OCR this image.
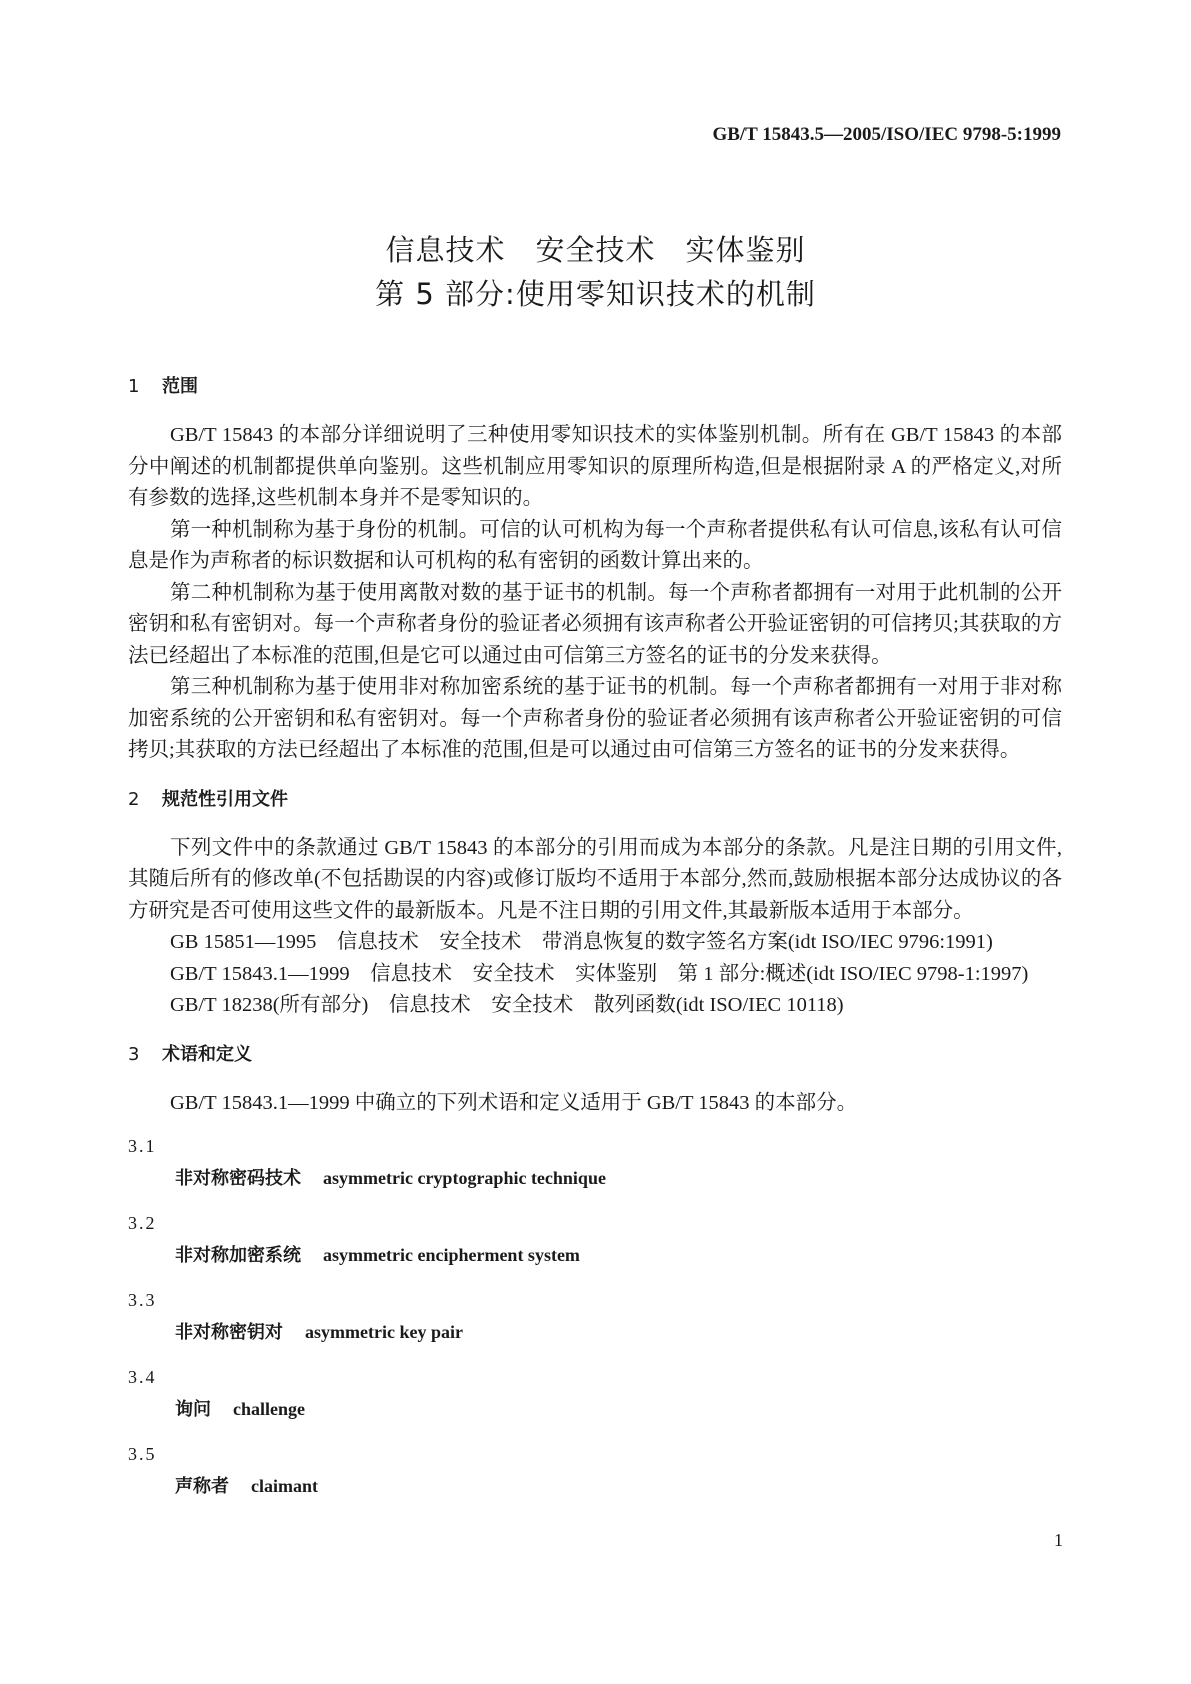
GB/T 15843.5—2005/ISO/IEC 9798-5:1999
信息技术　安全技术　实体鉴别
第 5 部分:使用零知识技术的机制
1 范围

GB/T 15843 的本部分详细说明了三种使用零知识技术的实体鉴别机制。所有在 GB/T 15843 的本部分中阐述的机制都提供单向鉴别。这些机制应用零知识的原理所构造,但是根据附录 A 的严格定义,对所有参数的选择,这些机制本身并不是零知识的。

第一种机制称为基于身份的机制。可信的认可机构为每一个声称者提供私有认可信息,该私有认可信息是作为声称者的标识数据和认可机构的私有密钥的函数计算出来的。

第二种机制称为基于使用离散对数的基于证书的机制。每一个声称者都拥有一对用于此机制的公开密钥和私有密钥对。每一个声称者身份的验证者必须拥有该声称者公开验证密钥的可信拷贝;其获取的方法已经超出了本标准的范围,但是它可以通过由可信第三方签名的证书的分发来获得。

第三种机制称为基于使用非对称加密系统的基于证书的机制。每一个声称者都拥有一对用于非对称加密系统的公开密钥和私有密钥对。每一个声称者身份的验证者必须拥有该声称者公开验证密钥的可信拷贝;其获取的方法已经超出了本标准的范围,但是可以通过由可信第三方签名的证书的分发来获得。

2 规范性引用文件

下列文件中的条款通过 GB/T 15843 的本部分的引用而成为本部分的条款。凡是注日期的引用文件,其随后所有的修改单(不包括勘误的内容)或修订版均不适用于本部分,然而,鼓励根据本部分达成协议的各方研究是否可使用这些文件的最新版本。凡是不注日期的引用文件,其最新版本适用于本部分。

GB 15851—1995　信息技术　安全技术　带消息恢复的数字签名方案(idt ISO/IEC 9796:1991)

GB/T 15843.1—1999　信息技术　安全技术　实体鉴别　第 1 部分:概述(idt ISO/IEC 9798-1:1997)

GB/T 18238(所有部分)　信息技术　安全技术　散列函数(idt ISO/IEC 10118)

3 术语和定义

GB/T 15843.1—1999 中确立的下列术语和定义适用于 GB/T 15843 的本部分。

3.1
非对称密码技术 asymmetric cryptographic technique
3.2
非对称加密系统 asymmetric encipherment system
3.3
非对称密钥对 asymmetric key pair
3.4
询问 challenge
3.5
声称者 claimant
1
